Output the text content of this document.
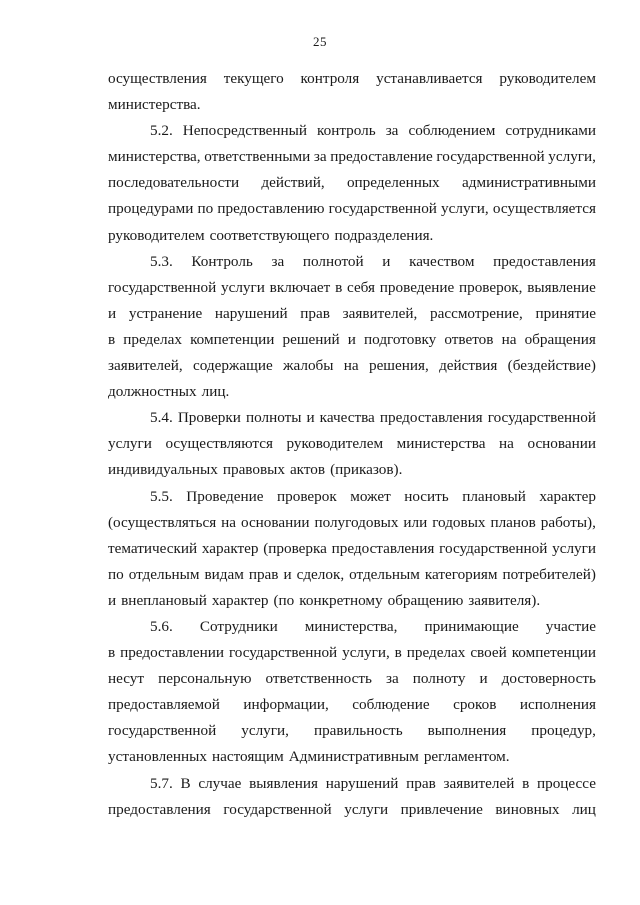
25
осуществления текущего контроля устанавливается руководителем
министерства.
5.2. Непосредственный контроль за соблюдением сотрудниками
министерства, ответственными за предоставление государственной услуги,
последовательности действий, определенных административными
процедурами по предоставлению государственной услуги, осуществляется
руководителем соответствующего подразделения.
5.3. Контроль за полнотой и качеством предоставления
государственной услуги включает в себя проведение проверок, выявление
и устранение нарушений прав заявителей, рассмотрение, принятие
в пределах компетенции решений и подготовку ответов на обращения
заявителей, содержащие жалобы на решения, действия (бездействие)
должностных лиц.
5.4. Проверки полноты и качества предоставления государственной
услуги осуществляются руководителем министерства на основании
индивидуальных правовых актов (приказов).
5.5. Проведение проверок может носить плановый характер
(осуществляться на основании полугодовых или годовых планов работы),
тематический характер (проверка предоставления государственной услуги
по отдельным видам прав и сделок, отдельным категориям потребителей)
и внеплановый характер (по конкретному обращению заявителя).
5.6. Сотрудники министерства, принимающие участие
в предоставлении государственной услуги, в пределах своей компетенции
несут персональную ответственность за полноту и достоверность
предоставляемой информации, соблюдение сроков исполнения
государственной услуги, правильность выполнения процедур,
установленных настоящим Административным регламентом.
5.7. В случае выявления нарушений прав заявителей в процессе
предоставления государственной услуги привлечение виновных лиц
